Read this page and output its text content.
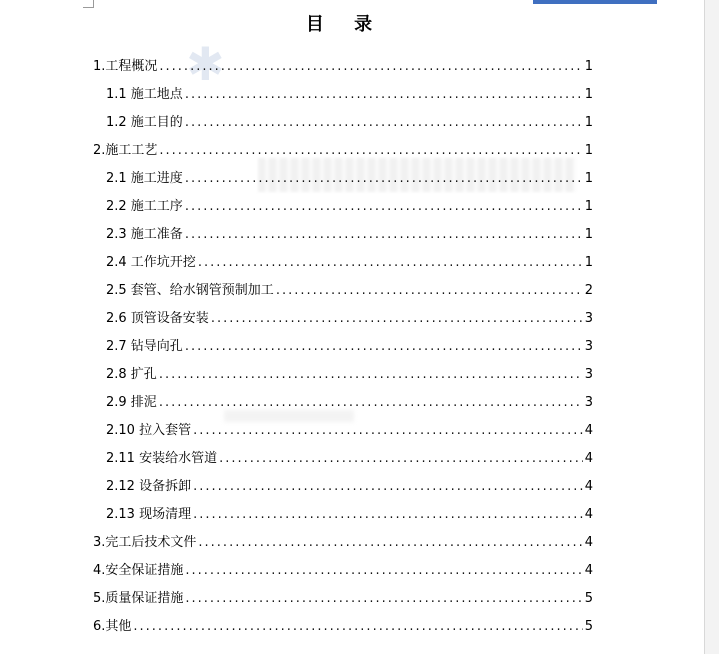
✱
目 录
1.工程概况 .....	1
1.1 施工地点 .....	1
1.2 施工目的 .....	1
2.施工工艺 .....	1
2.1 施工进度 .....	1
2.2 施工工序 .....	1
2.3 施工准备 .....	1
2.4 工作坑开挖 .....	1
2.5 套管、给水钢管预制加工 .....	2
2.6 顶管设备安装 .....	3
2.7 钻导向孔 .....	3
2.8 扩孔 .....	3
2.9 排泥 .....	3
2.10 拉入套管 .....	4
2.11 安装给水管道 .....	4
2.12 设备拆卸 .....	4
2.13 现场清理 .....	4
3.完工后技术文件 .....	4
4.安全保证措施 .....	4
5.质量保证措施 .....	5
6.其他 .....	5
